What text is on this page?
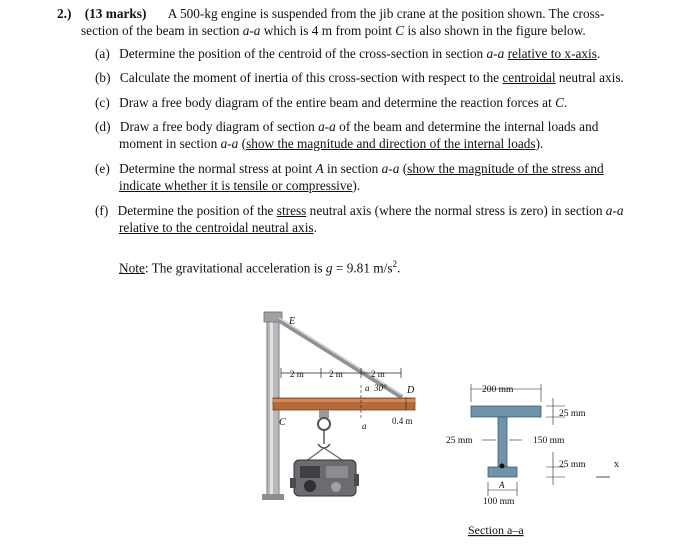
2.) (13 marks) A 500-kg engine is suspended from the jib crane at the position shown. The cross-
section of the beam in section a-a which is 4 m from point C is also shown in the figure below.
(a) Determine the position of the centroid of the cross-section in section a-a relative to x-axis.
(b) Calculate the moment of inertia of this cross-section with respect to the centroidal neutral axis.
(c) Draw a free body diagram of the entire beam and determine the reaction forces at C.
(d) Draw a free body diagram of section a-a of the beam and determine the internal loads and
moment in section a-a (show the magnitude and direction of the internal loads).
(e) Determine the normal stress at point A in section a-a (show the magnitude of the stress and
indicate whether it is tensile or compressive).
(f) Determine the position of the stress neutral axis (where the normal stress is zero) in section a-a
relative to the centroidal neutral axis.
Note: The gravitational acceleration is g = 9.81 $m/s^2$.
E
C
D
a
a
2 m	2 m	2 m
30°
0.4 m
200 mm
25 mm
25 mm	150 mm
25 mm	x
A
100 mm
Section a–a
